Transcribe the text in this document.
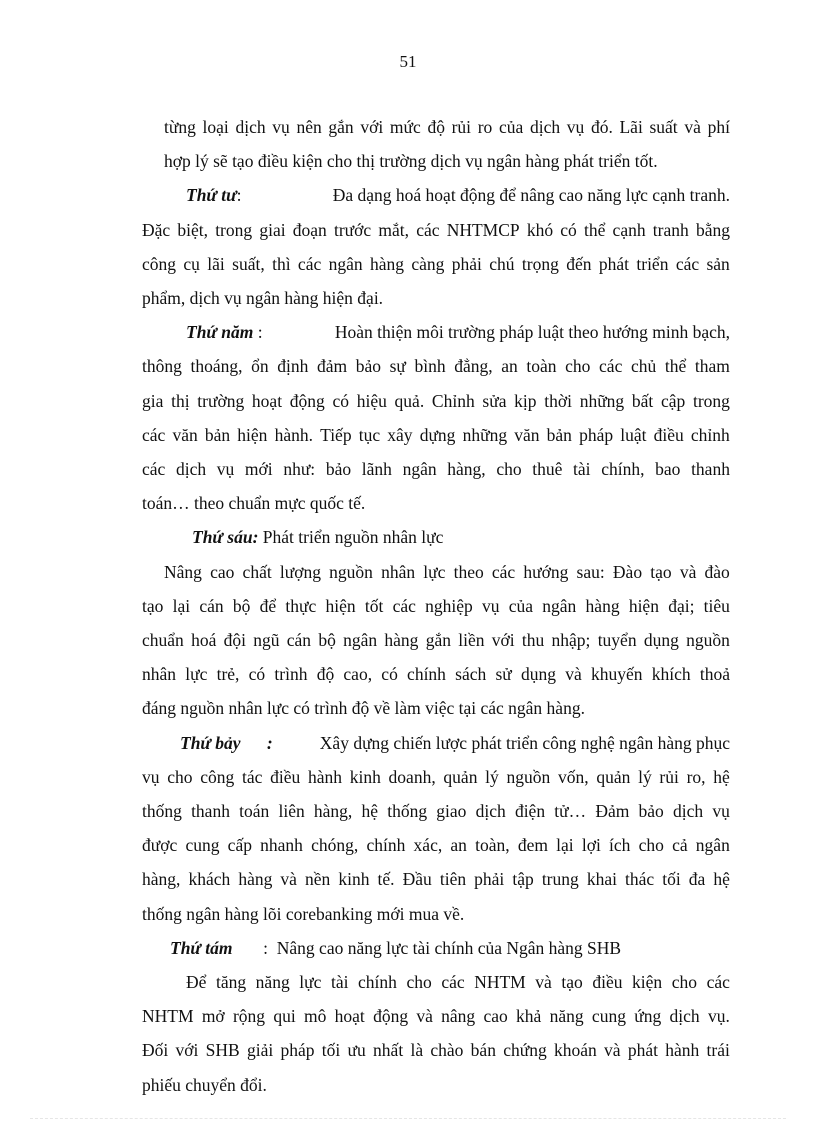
51
từng loại dịch vụ nên gắn với mức độ rủi ro của dịch vụ đó. Lãi suất và phí
hợp lý sẽ tạo điều kiện cho thị trường dịch vụ ngân hàng phát triển tốt.
Thứ tư:	Đa dạng hoá hoạt động để nâng cao năng lực cạnh tranh.
Đặc biệt, trong giai đoạn trước mắt, các NHTMCP khó có thể cạnh tranh bằng
công cụ lãi suất, thì các ngân hàng càng phải chú trọng đến phát triển các sản
phẩm, dịch vụ ngân hàng hiện đại.
Thứ năm :	Hoàn thiện môi trường pháp luật theo hướng minh bạch,
thông thoáng, ổn định đảm bảo sự bình đẳng, an toàn cho các chủ thể tham
gia thị trường hoạt động có hiệu quả. Chỉnh sửa kịp thời những bất cập trong
các văn bản hiện hành. Tiếp tục xây dựng những văn bản pháp luật điều chỉnh
các dịch vụ mới như: bảo lãnh ngân hàng, cho thuê tài chính, bao thanh
toán… theo chuẩn mực quốc tế.
Thứ sáu: Phát triển nguồn nhân lực
Nâng cao chất lượng nguồn nhân lực theo các hướng sau: Đào tạo và đào
tạo lại cán bộ để thực hiện tốt các nghiệp vụ của ngân hàng hiện đại; tiêu
chuẩn hoá đội ngũ cán bộ ngân hàng gắn liền với thu nhập; tuyển dụng nguồn
nhân lực trẻ, có trình độ cao, có chính sách sử dụng và khuyến khích thoả
đáng nguồn nhân lực có trình độ về làm việc tại các ngân hàng.
Thứ bảy :	Xây dựng chiến lược phát triển công nghệ ngân hàng phục
vụ cho công tác điều hành kinh doanh, quản lý nguồn vốn, quản lý rủi ro, hệ
thống thanh toán liên hàng, hệ thống giao dịch điện tử… Đảm bảo dịch vụ
được cung cấp nhanh chóng, chính xác, an toàn, đem lại lợi ích cho cả ngân
hàng, khách hàng và nền kinh tế. Đầu tiên phải tập trung khai thác tối đa hệ
thống ngân hàng lõi corebanking mới mua về.
Thứ tám : Nâng cao năng lực tài chính của Ngân hàng SHB
Để tăng năng lực tài chính cho các NHTM và tạo điều kiện cho các
NHTM mở rộng qui mô hoạt động và nâng cao khả năng cung ứng dịch vụ.
Đối với SHB giải pháp tối ưu nhất là chào bán chứng khoán và phát hành trái
phiếu chuyển đổi.
